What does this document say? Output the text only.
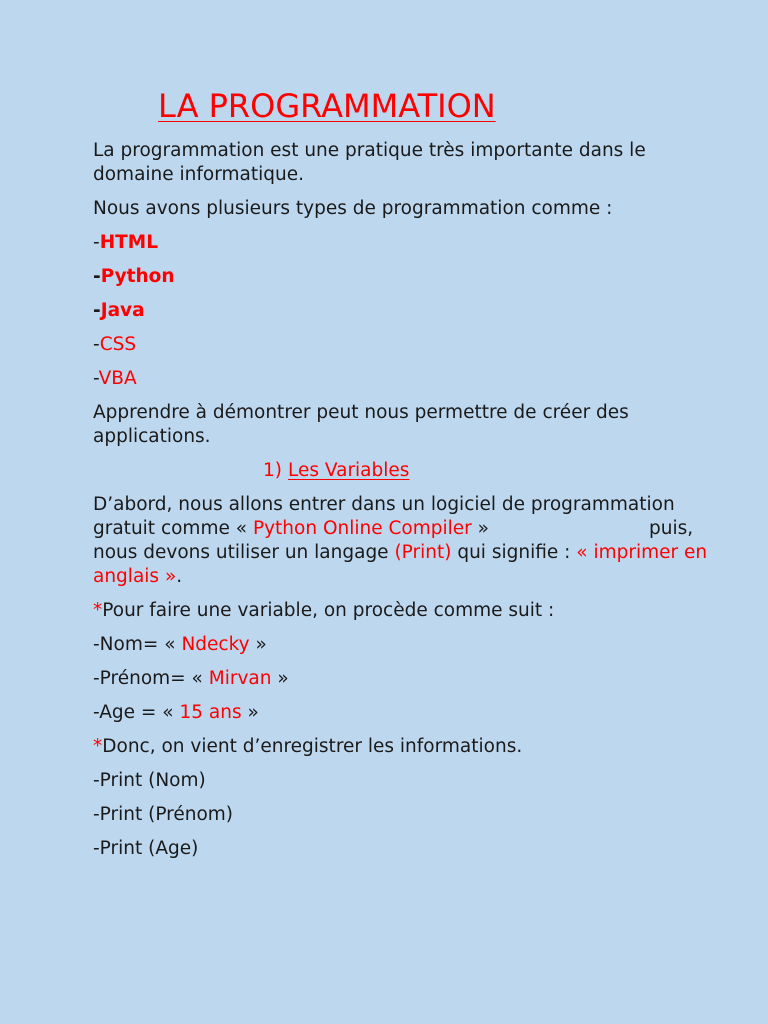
LA PROGRAMMATION

La programmation est une pratique très importante dans le domaine informatique.

Nous avons plusieurs types de programmation comme :

-HTML

-Python

-Java

-CSS

-VBA

Apprendre à démontrer peut nous permettre de créer des applications.

1) Les Variables

D’abord, nous allons entrer dans un logiciel de programmation gratuit comme « Python Online Compiler »	puis, nous devons utiliser un langage (Print) qui signifie : « imprimer en anglais ».

*Pour faire une variable, on procède comme suit :

-Nom= « Ndecky »

-Prénom= « Mirvan »

-Age = « 15 ans »

*Donc, on vient d’enregistrer les informations.

-Print (Nom)

-Print (Prénom)

-Print (Age)
